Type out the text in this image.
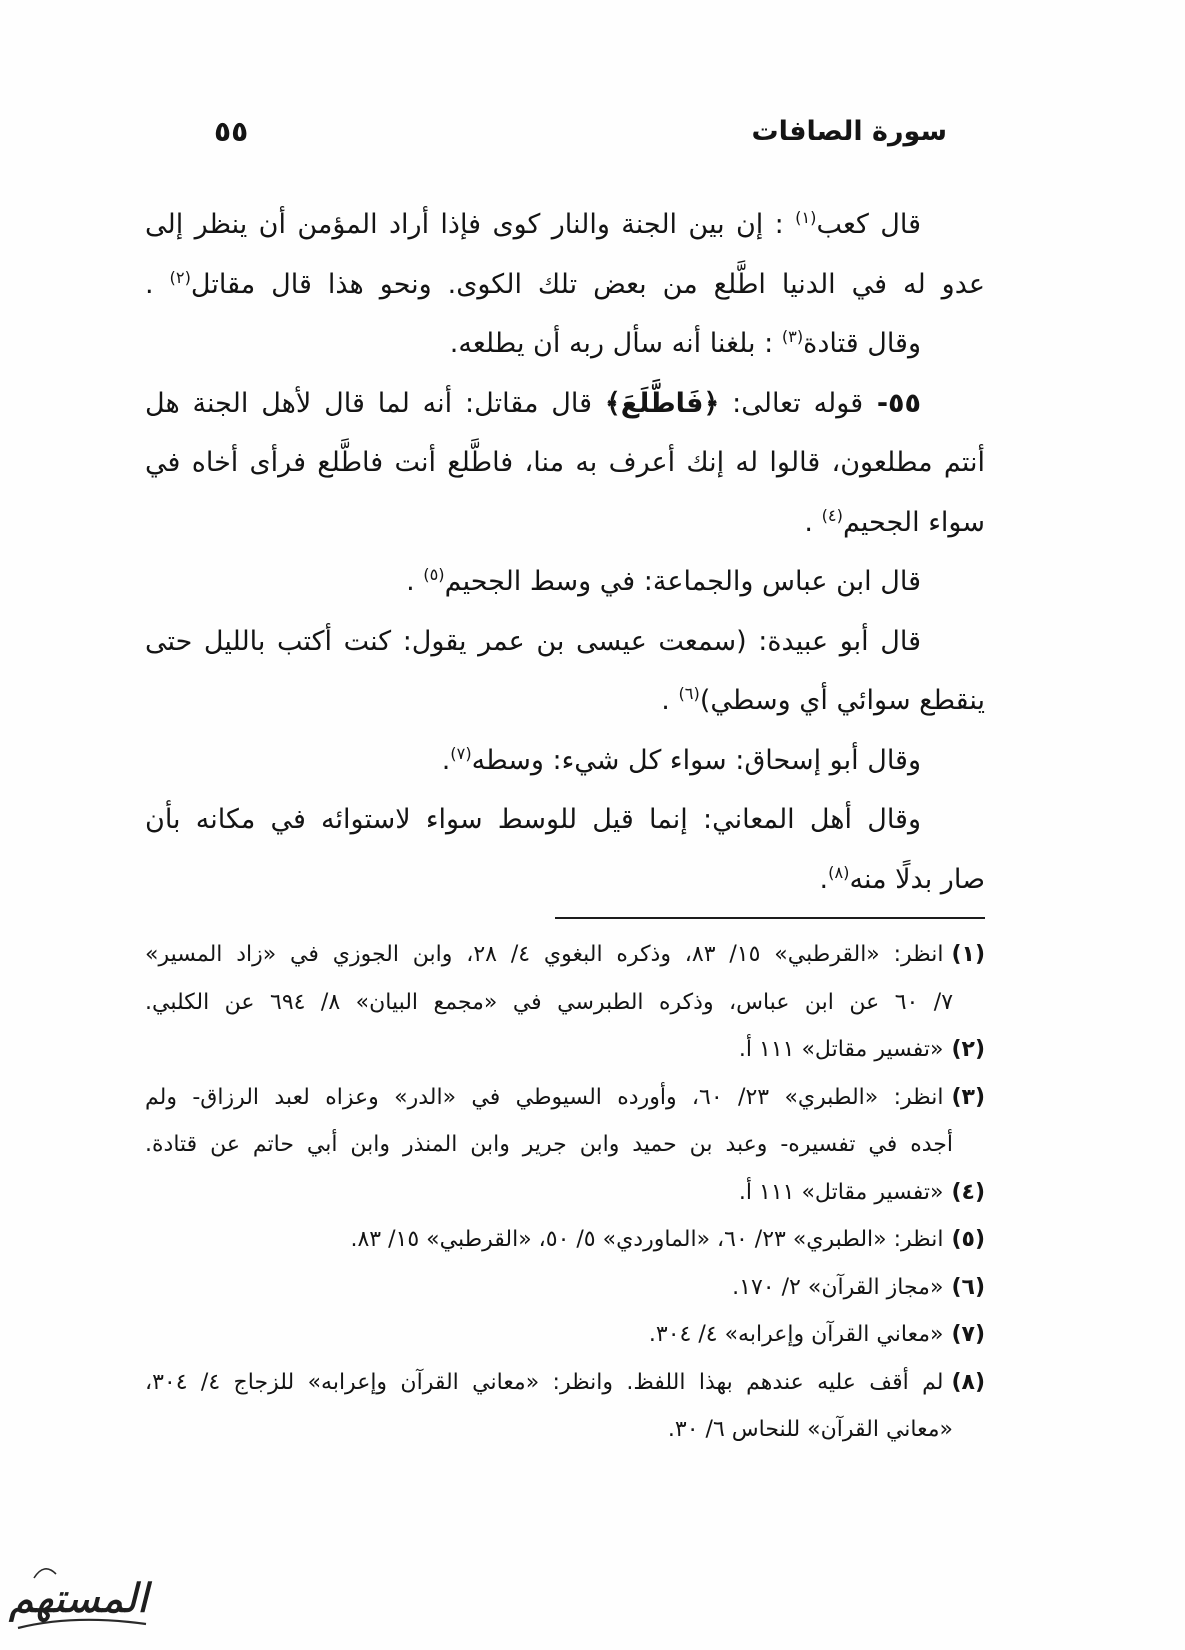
سورة الصافات
٥٥
قال كعب$^{(١)}$ : إن بين الجنة والنار كوى فإذا أراد المؤمن أن ينظر إلى
عدو له في الدنيا اطَّلع من بعض تلك الكوى. ونحو هذا قال مقاتل$^{(٢)}$ .
وقال قتادة$^{(٣)}$ : بلغنا أنه سأل ربه أن يطلعه.
٥٥- قوله تعالى: ﴿فَاطَّلَعَ﴾ قال مقاتل: أنه لما قال لأهل الجنة هل
أنتم مطلعون، قالوا له إنك أعرف به منا، فاطَّلع أنت فاطَّلع فرأى أخاه في
سواء الجحيم$^{(٤)}$ .
قال ابن عباس والجماعة: في وسط الجحيم$^{(٥)}$ .
قال أبو عبيدة: (سمعت عيسى بن عمر يقول: كنت أكتب بالليل حتى
ينقطع سوائي أي وسطي)$^{(٦)}$ .
وقال أبو إسحاق: سواء كل شيء: وسطه$^{(٧)}$.
وقال أهل المعاني: إنما قيل للوسط سواء لاستوائه في مكانه بأن
صار بدلًا منه$^{(٨)}$.
(١)انظر: «القرطبي» ١٥/ ٨٣، وذكره البغوي ٤/ ٢٨، وابن الجوزي في «زاد المسير»
٧/ ٦٠ عن ابن عباس، وذكره الطبرسي في «مجمع البيان» ٨/ ٦٩٤ عن الكلبي.
(٢)«تفسير مقاتل» ١١١ أ.
(٣)انظر: «الطبري» ٢٣/ ٦٠، وأورده السيوطي في «الدر» وعزاه لعبد الرزاق- ولم
أجده في تفسيره- وعبد بن حميد وابن جرير وابن المنذر وابن أبي حاتم عن قتادة.
(٤)«تفسير مقاتل» ١١١ أ.
(٥)انظر: «الطبري» ٢٣/ ٦٠، «الماوردي» ٥/ ٥٠، «القرطبي» ١٥/ ٨٣.
(٦)«مجاز القرآن» ٢/ ١٧٠.
(٧)«معاني القرآن وإعرابه» ٤/ ٣٠٤.
(٨)لم أقف عليه عندهم بهذا اللفظ. وانظر: «معاني القرآن وإعرابه» للزجاج ٤/ ٣٠٤،
«معاني القرآن» للنحاس ٦/ ٣٠.
المستهم
